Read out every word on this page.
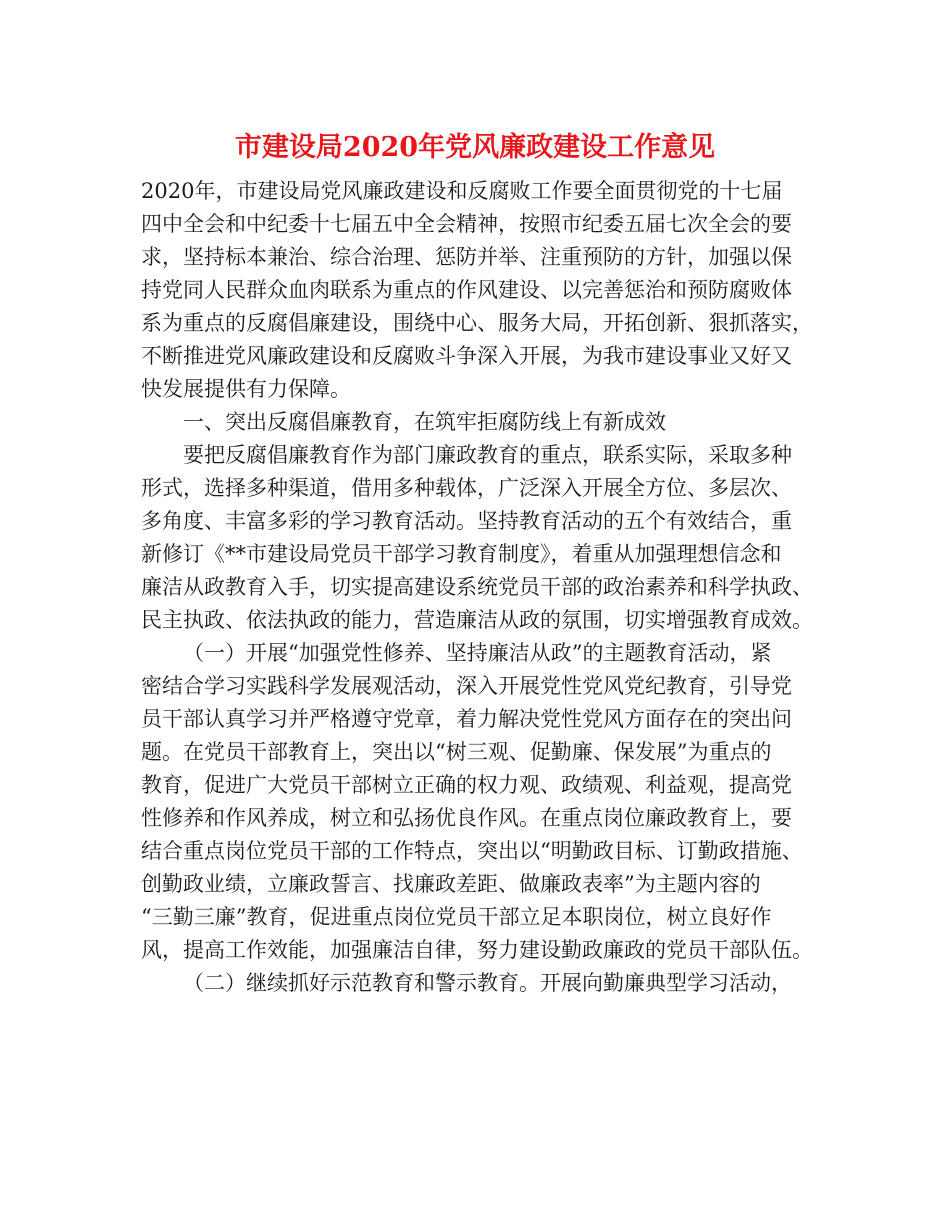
市建设局2020年党风廉政建设工作意见
2020年，市建设局党风廉政建设和反腐败工作要全面贯彻党的十七届
四中全会和中纪委十七届五中全会精神，按照市纪委五届七次全会的要
求，坚持标本兼治、综合治理、惩防并举、注重预防的方针，加强以保
持党同人民群众血肉联系为重点的作风建设、以完善惩治和预防腐败体
系为重点的反腐倡廉建设，围绕中心、服务大局，开拓创新、狠抓落实，
不断推进党风廉政建设和反腐败斗争深入开展，为我市建设事业又好又
快发展提供有力保障。
一、突出反腐倡廉教育，在筑牢拒腐防线上有新成效
要把反腐倡廉教育作为部门廉政教育的重点，联系实际，采取多种
形式，选择多种渠道，借用多种载体，广泛深入开展全方位、多层次、
多角度、丰富多彩的学习教育活动。坚持教育活动的五个有效结合，重
新修订《**市建设局党员干部学习教育制度》，着重从加强理想信念和
廉洁从政教育入手，切实提高建设系统党员干部的政治素养和科学执政、
民主执政、依法执政的能力，营造廉洁从政的氛围，切实增强教育成效。
（一）开展“加强党性修养、坚持廉洁从政”的主题教育活动，紧
密结合学习实践科学发展观活动，深入开展党性党风党纪教育，引导党
员干部认真学习并严格遵守党章，着力解决党性党风方面存在的突出问
题。在党员干部教育上，突出以“树三观、促勤廉、保发展”为重点的
教育，促进广大党员干部树立正确的权力观、政绩观、利益观，提高党
性修养和作风养成，树立和弘扬优良作风。在重点岗位廉政教育上，要
结合重点岗位党员干部的工作特点，突出以“明勤政目标、订勤政措施、
创勤政业绩，立廉政誓言、找廉政差距、做廉政表率”为主题内容的
“三勤三廉”教育，促进重点岗位党员干部立足本职岗位，树立良好作
风，提高工作效能，加强廉洁自律，努力建设勤政廉政的党员干部队伍。
（二）继续抓好示范教育和警示教育。开展向勤廉典型学习活动，
